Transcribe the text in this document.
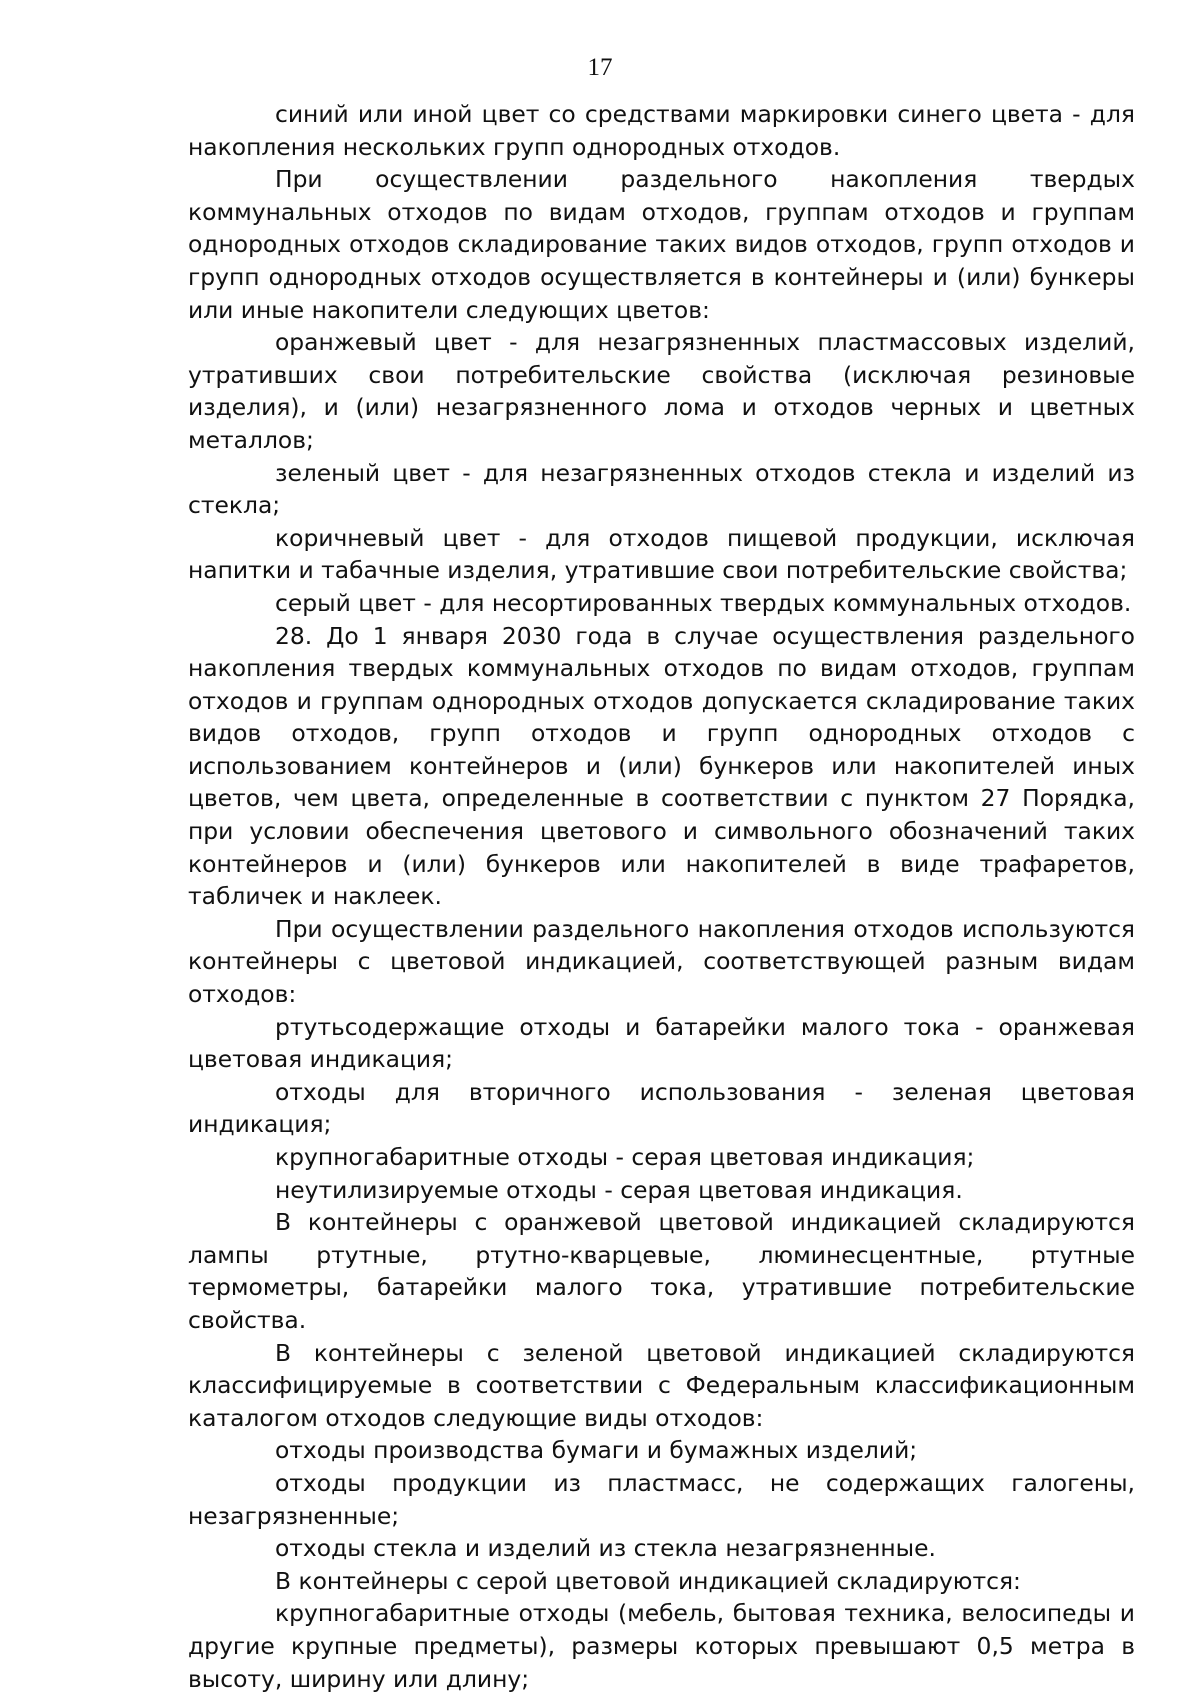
17

синий или иной цвет со средствами маркировки синего цвета - для накопления нескольких групп однородных отходов.

При осуществлении раздельного накопления твердых коммунальных отходов по видам отходов, группам отходов и группам однородных отходов складирование таких видов отходов, групп отходов и групп однородных отходов осуществляется в контейнеры и (или) бункеры или иные накопители следующих цветов:

оранжевый цвет - для незагрязненных пластмассовых изделий, утративших свои потребительские свойства (исключая резиновые изделия), и (или) незагрязненного лома и отходов черных и цветных металлов;

зеленый цвет - для незагрязненных отходов стекла и изделий из стекла;

коричневый цвет - для отходов пищевой продукции, исключая напитки и табачные изделия, утратившие свои потребительские свойства;

серый цвет - для несортированных твердых коммунальных отходов.

28. До 1 января 2030 года в случае осуществления раздельного накопления твердых коммунальных отходов по видам отходов, группам отходов и группам однородных отходов допускается складирование таких видов отходов, групп отходов и групп однородных отходов с использованием контейнеров и (или) бункеров или накопителей иных цветов, чем цвета, определенные в соответствии с пунктом 27 Порядка, при условии обеспечения цветового и символьного обозначений таких контейнеров и (или) бункеров или накопителей в виде трафаретов, табличек и наклеек.

При осуществлении раздельного накопления отходов используются контейнеры с цветовой индикацией, соответствующей разным видам отходов:

ртутьсодержащие отходы и батарейки малого тока - оранжевая цветовая индикация;

отходы для вторичного использования - зеленая цветовая индикация;

крупногабаритные отходы - серая цветовая индикация;

неутилизируемые отходы - серая цветовая индикация.

В контейнеры с оранжевой цветовой индикацией складируются лампы ртутные, ртутно-кварцевые, люминесцентные, ртутные термометры, батарейки малого тока, утратившие потребительские свойства.

В контейнеры с зеленой цветовой индикацией складируются классифицируемые в соответствии с Федеральным классификационным каталогом отходов следующие виды отходов:

отходы производства бумаги и бумажных изделий;

отходы продукции из пластмасс, не содержащих галогены, незагрязненные;

отходы стекла и изделий из стекла незагрязненные.

В контейнеры с серой цветовой индикацией складируются:

крупногабаритные отходы (мебель, бытовая техника, велосипеды и другие крупные предметы), размеры которых превышают 0,5 метра в высоту, ширину или длину;
